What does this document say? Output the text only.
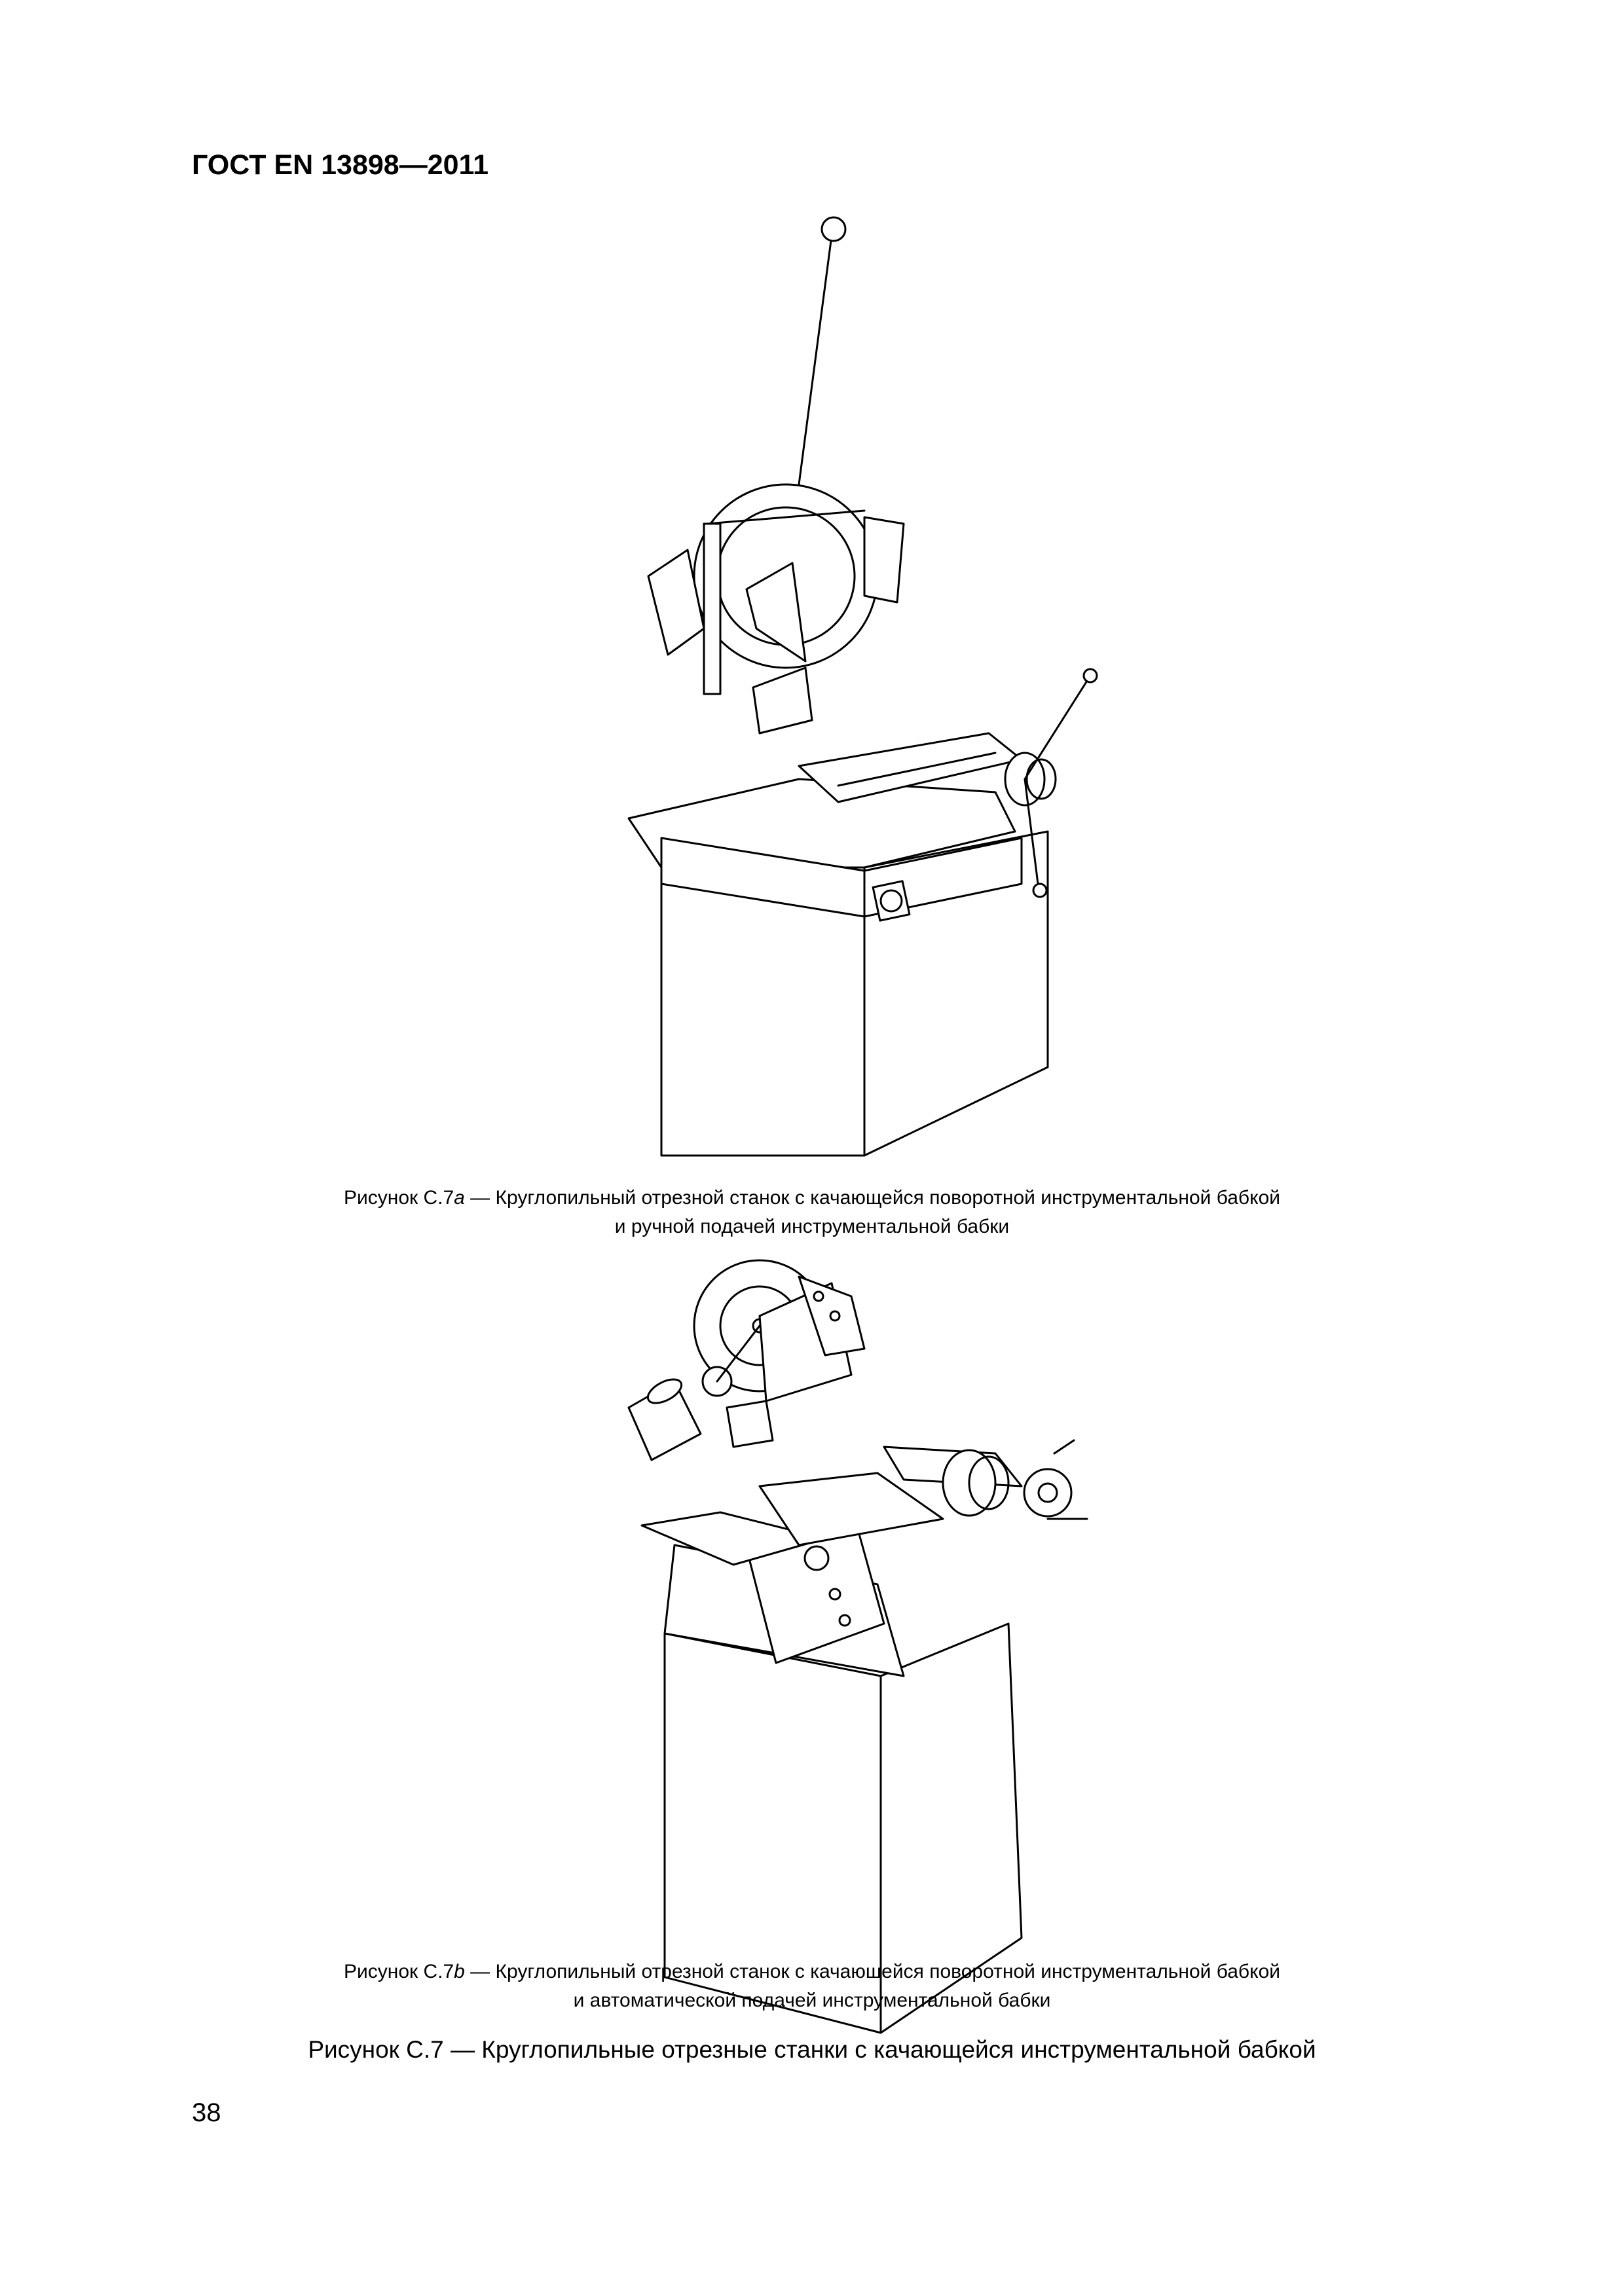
ГОСТ EN 13898—2011
Рисунок С.7a — Круглопильный отрезной станок с качающейся поворотной инструментальной бабкой
и ручной подачей инструментальной бабки
Рисунок С.7b — Круглопильный отрезной станок с качающейся поворотной инструментальной бабкой
и автоматической подачей инструментальной бабки
Рисунок С.7 — Круглопильные отрезные станки с качающейся инструментальной бабкой
38
